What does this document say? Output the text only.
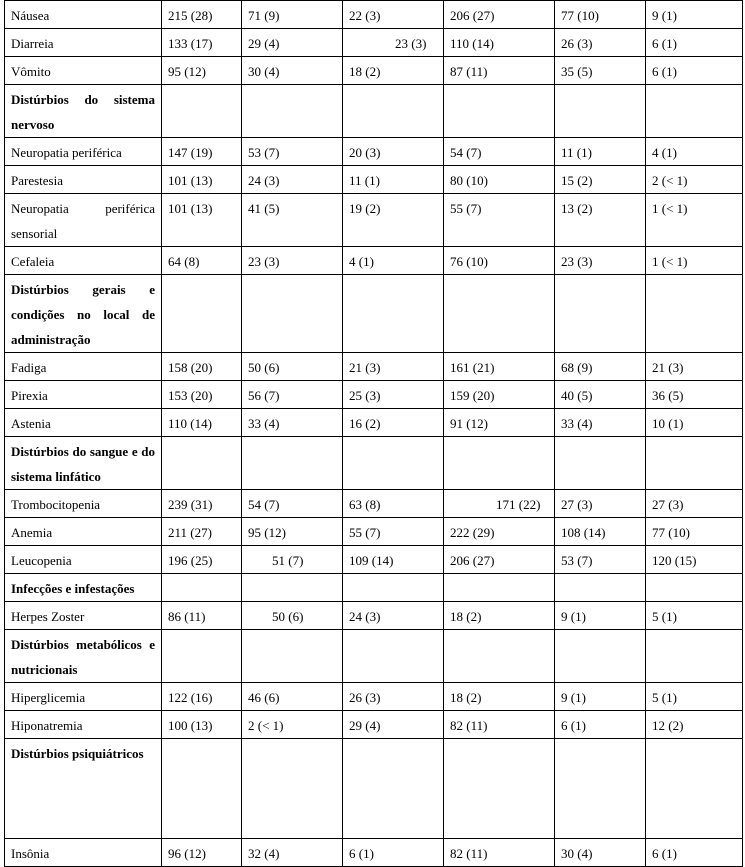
Náusea	215 (28)	71 (9)	22 (3)	206 (27)	77 (10)	9 (1)
Diarreia	133 (17)	29 (4)	23 (3)	110 (14)	26 (3)	6 (1)
Vômito	95 (12)	30 (4)	18 (2)	87 (11)	35 (5)	6 (1)
Distúrbios do sistema nervoso						
Neuropatia periférica	147 (19)	53 (7)	20 (3)	54 (7)	11 (1)	4 (1)
Parestesia	101 (13)	24 (3)	11 (1)	80 (10)	15 (2)	2 (< 1)
Neuropatia periférica sensorial	101 (13)	41 (5)	19 (2)	55 (7)	13 (2)	1 (< 1)
Cefaleia	64 (8)	23 (3)	4 (1)	76 (10)	23 (3)	1 (< 1)
Distúrbios gerais e condições no local de administração						
Fadiga	158 (20)	50 (6)	21 (3)	161 (21)	68 (9)	21 (3)
Pirexia	153 (20)	56 (7)	25 (3)	159 (20)	40 (5)	36 (5)
Astenia	110 (14)	33 (4)	16 (2)	91 (12)	33 (4)	10 (1)
Distúrbios do sangue e do sistema linfático						
Trombocitopenia	239 (31)	54 (7)	63 (8)	171 (22)	27 (3)	27 (3)
Anemia	211 (27)	95 (12)	55 (7)	222 (29)	108 (14)	77 (10)
Leucopenia	196 (25)	51 (7)	109 (14)	206 (27)	53 (7)	120 (15)
Infecções e infestações						
Herpes Zoster	86 (11)	50 (6)	24 (3)	18 (2)	9 (1)	5 (1)
Distúrbios metabólicos e nutricionais						
Hiperglicemia	122 (16)	46 (6)	26 (3)	18 (2)	9 (1)	5 (1)
Hiponatremia	100 (13)	2 (< 1)	29 (4)	82 (11)	6 (1)	12 (2)
Distúrbios psiquiátricos						
Insônia	96 (12)	32 (4)	6 (1)	82 (11)	30 (4)	6 (1)
